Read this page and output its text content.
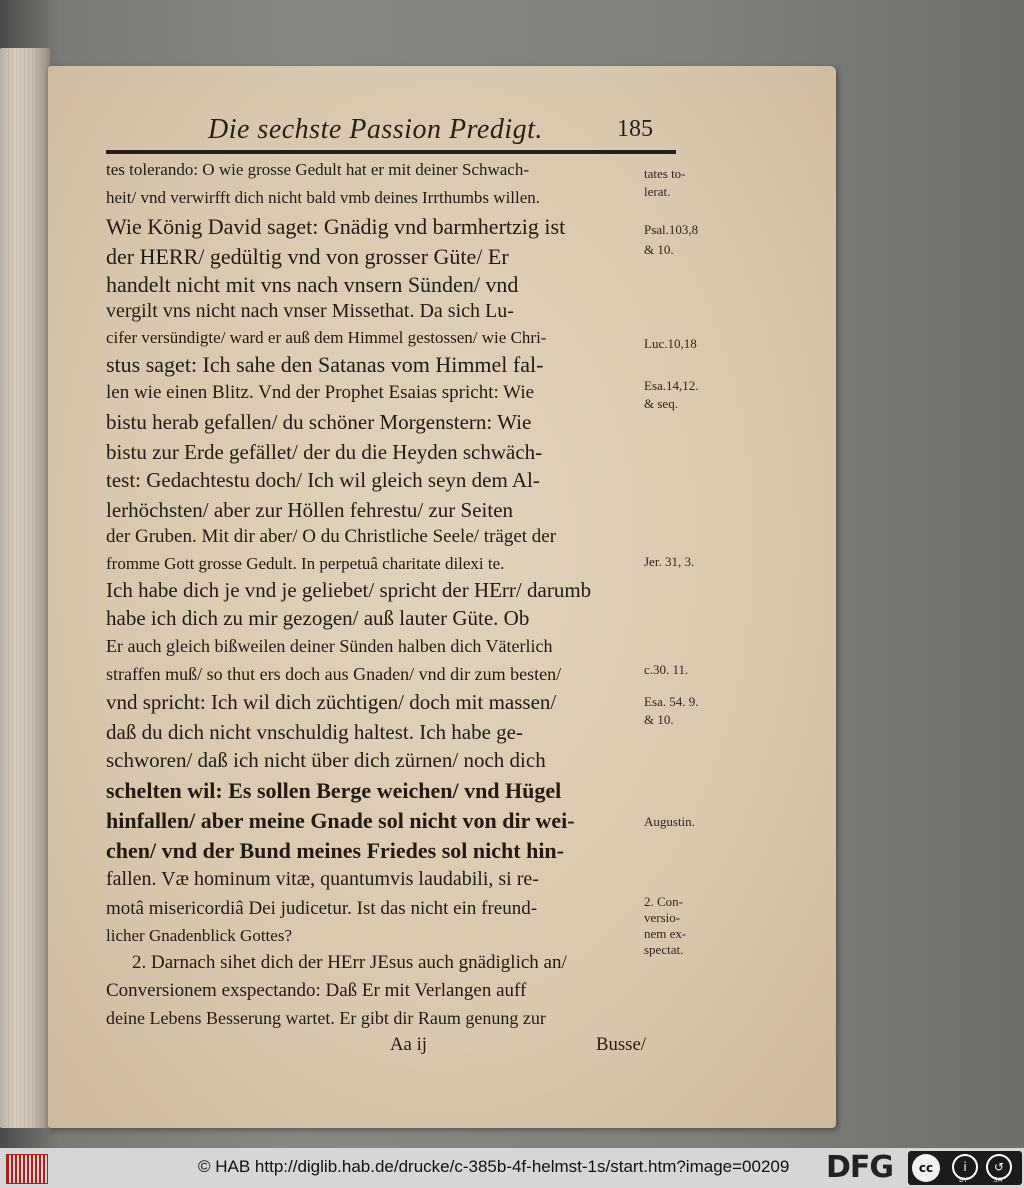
Die sechste Passion Predigt.	185
tes tolerando: O wie grosse Gedult hat er mit deiner Schwach-
heit/ vnd verwirfft dich nicht bald vmb deines Irrthumbs willen.
Wie König David saget: Gnädig vnd barmhertzig ist
der HERR/ gedültig vnd von grosser Güte/ Er
handelt nicht mit vns nach vnsern Sünden/ vnd
vergilt vns nicht nach vnser Missethat. Da sich Lu-
cifer versündigte/ ward er auß dem Himmel gestossen/ wie Chri-
stus saget: Ich sahe den Satanas vom Himmel fal-
len wie einen Blitz. Vnd der Prophet Esaias spricht: Wie
bistu herab gefallen/ du schöner Morgenstern: Wie
bistu zur Erde gefället/ der du die Heyden schwäch-
test: Gedachtestu doch/ Ich wil gleich seyn dem Al-
lerhöchsten/ aber zur Höllen fehrestu/ zur Seiten
der Gruben. Mit dir aber/ O du Christliche Seele/ träget der
fromme Gott grosse Gedult. In perpetuâ charitate dilexi te.
Ich habe dich je vnd je geliebet/ spricht der HErr/ darumb
habe ich dich zu mir gezogen/ auß lauter Güte. Ob
Er auch gleich bißweilen deiner Sünden halben dich Väterlich
straffen muß/ so thut ers doch aus Gnaden/ vnd dir zum besten/
vnd spricht: Ich wil dich züchtigen/ doch mit massen/
daß du dich nicht vnschuldig haltest. Ich habe ge-
schworen/ daß ich nicht über dich zürnen/ noch dich
schelten wil: Es sollen Berge weichen/ vnd Hügel
hinfallen/ aber meine Gnade sol nicht von dir wei-
chen/ vnd der Bund meines Friedes sol nicht hin-
fallen. Væ hominum vitæ, quantumvis laudabili, si re-
motâ misericordiâ Dei judicetur. Ist das nicht ein freund-
licher Gnadenblick Gottes?
2. Darnach sihet dich der HErr JEsus auch gnädiglich an/
Conversionem exspectando: Daß Er mit Verlangen auff
deine Lebens Besserung wartet. Er gibt dir Raum genung zur
Aa ij                                    Busse/
tates to-
lerat.
Psal.103,8
& 10.
Luc.10,18
Esa.14,12.
& seq.
Jer. 31, 3.
c.30. 11.
Esa. 54. 9.
& 10.
Augustin.
2. Con-
versio-
nem ex-
spectat.
© HAB http://diglib.hab.de/drucke/c-385b-4f-helmst-1s/start.htm?image=00209 DFG	cc	i	↺
BY	SA
